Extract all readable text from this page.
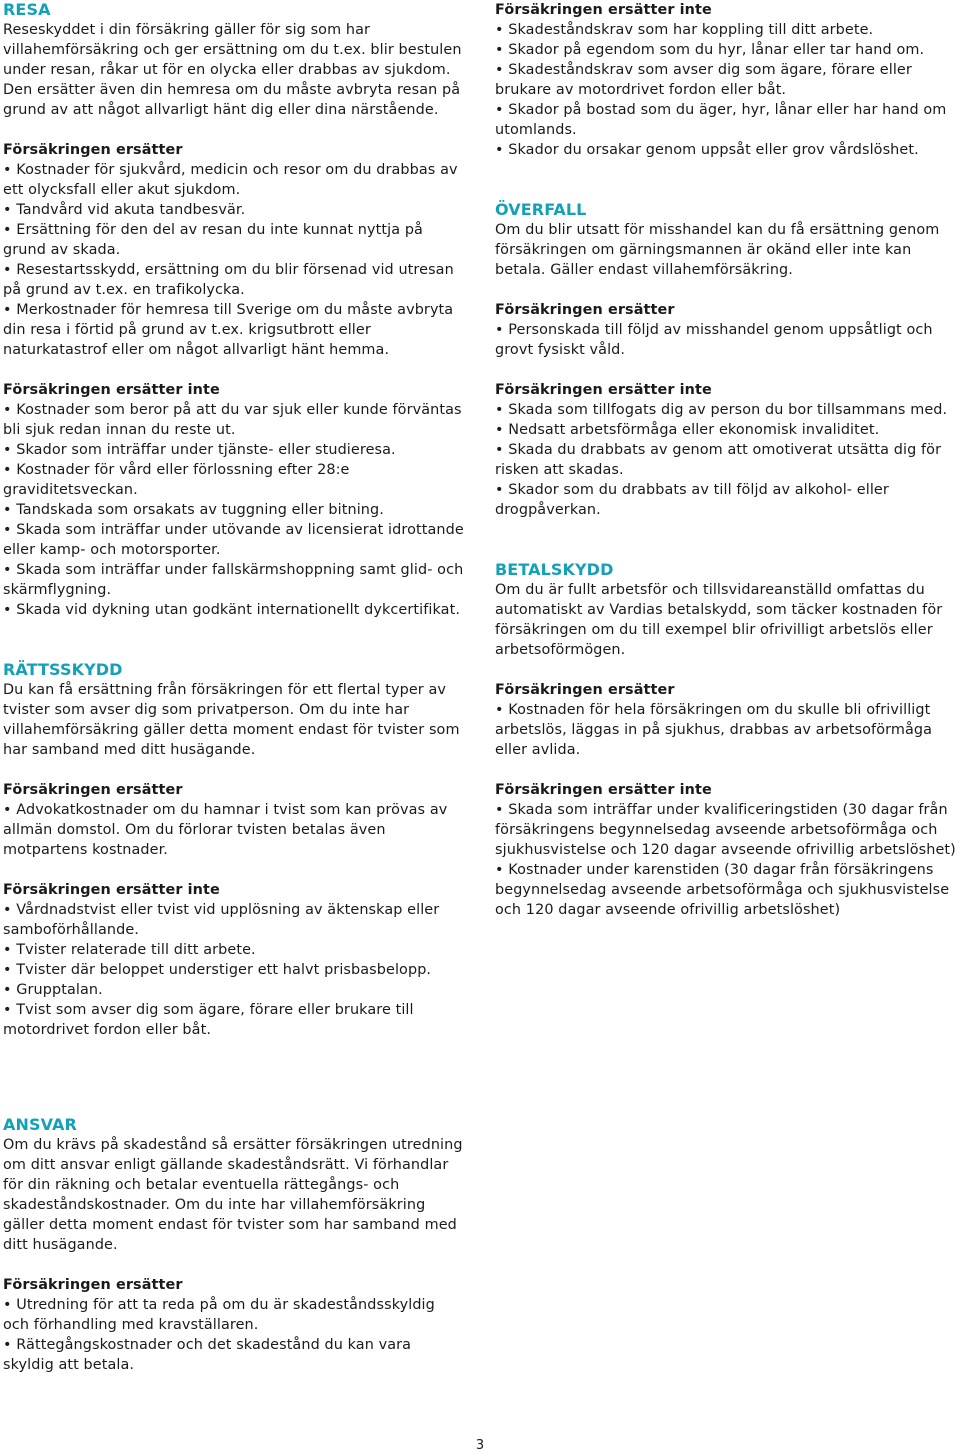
RESA

Reseskyddet i din försäkring gäller för sig som har villahemförsäkring och ger ersättning om du t.ex. blir bestulen under resan, råkar ut för en olycka eller drabbas av sjukdom. Den ersätter även din hemresa om du måste avbryta resan på grund av att något allvarligt hänt dig eller dina närstående.

Försäkringen ersätter
• Kostnader för sjukvård, medicin och resor om du drabbas av ett olycksfall eller akut sjukdom.
• Tandvård vid akuta tandbesvär.
• Ersättning för den del av resan du inte kunnat nyttja på grund av skada.
• Resestartsskydd, ersättning om du blir försenad vid utresan på grund av t.ex. en trafikolycka.
• Merkostnader för hemresa till Sverige om du måste avbryta din resa i förtid på grund av t.ex. krigsutbrott eller naturkatastrof eller om något allvarligt hänt hemma.
Försäkringen ersätter inte
• Kostnader som beror på att du var sjuk eller kunde förväntas bli sjuk redan innan du reste ut.
• Skador som inträffar under tjänste- eller studieresa.
• Kostnader för vård eller förlossning efter 28:e graviditetsveckan.
• Tandskada som orsakats av tuggning eller bitning.
• Skada som inträffar under utövande av licensierat idrottande eller kamp- och motorsporter.
• Skada som inträffar under fallskärmshoppning samt glid- och skärmflygning.
• Skada vid dykning utan godkänt internationellt dykcertifikat.
RÄTTSSKYDD

Du kan få ersättning från försäkringen för ett flertal typer av tvister som avser dig som privatperson. Om du inte har villahemförsäkring gäller detta moment endast för tvister som har samband med ditt husägande.

Försäkringen ersätter
• Advokatkostnader om du hamnar i tvist som kan prövas av allmän domstol. Om du förlorar tvisten betalas även motpartens kostnader.
Försäkringen ersätter inte
• Vårdnadstvist eller tvist vid upplösning av äktenskap eller samboförhållande.
• Tvister relaterade till ditt arbete.
• Tvister där beloppet understiger ett halvt prisbasbelopp.
• Grupptalan.
• Tvist som avser dig som ägare, förare eller brukare till motordrivet fordon eller båt.
ANSVAR

Om du krävs på skadestånd så ersätter försäkringen utredning om ditt ansvar enligt gällande skadeståndsrätt. Vi förhandlar för din räkning och betalar eventuella rättegångs- och skadeståndskostnader. Om du inte har villahemförsäkring gäller detta moment endast för tvister som har samband med ditt husägande.

Försäkringen ersätter
• Utredning för att ta reda på om du är skadeståndsskyldig och förhandling med kravställaren.
• Rättegångskostnader och det skadestånd du kan vara skyldig att betala.
Försäkringen ersätter inte
• Skadeståndskrav som har koppling till ditt arbete.
• Skador på egendom som du hyr, lånar eller tar hand om.
• Skadeståndskrav som avser dig som ägare, förare eller brukare av motordrivet fordon eller båt.
• Skador på bostad som du äger, hyr, lånar eller har hand om utomlands.
• Skador du orsakar genom uppsåt eller grov vårdslöshet.
ÖVERFALL

Om du blir utsatt för misshandel kan du få ersättning genom försäkringen om gärningsmannen är okänd eller inte kan betala. Gäller endast villahemförsäkring.

Försäkringen ersätter
• Personskada till följd av misshandel genom uppsåtligt och grovt fysiskt våld.
Försäkringen ersätter inte
• Skada som tillfogats dig av person du bor tillsammans med.
• Nedsatt arbetsförmåga eller ekonomisk invaliditet.
• Skada du drabbats av genom att omotiverat utsätta dig för risken att skadas.
• Skador som du drabbats av till följd av alkohol- eller drogpåverkan.
BETALSKYDD

Om du är fullt arbetsför och tillsvidareanställd omfattas du automatiskt av Vardias betalskydd, som täcker kostnaden för försäkringen om du till exempel blir ofrivilligt arbetslös eller arbetsoförmögen.

Försäkringen ersätter
• Kostnaden för hela försäkringen om du skulle bli ofrivilligt arbetslös, läggas in på sjukhus, drabbas av arbetsoförmåga eller avlida.
Försäkringen ersätter inte
• Skada som inträffar under kvalificeringstiden (30 dagar från försäkringens begynnelsedag avseende arbetsoförmåga och sjukhusvistelse och 120 dagar avseende ofrivillig arbetslöshet)
• Kostnader under karenstiden (30 dagar från försäkringens begynnelsedag avseende arbetsoförmåga och sjukhusvistelse och 120 dagar avseende ofrivillig arbetslöshet)
3
